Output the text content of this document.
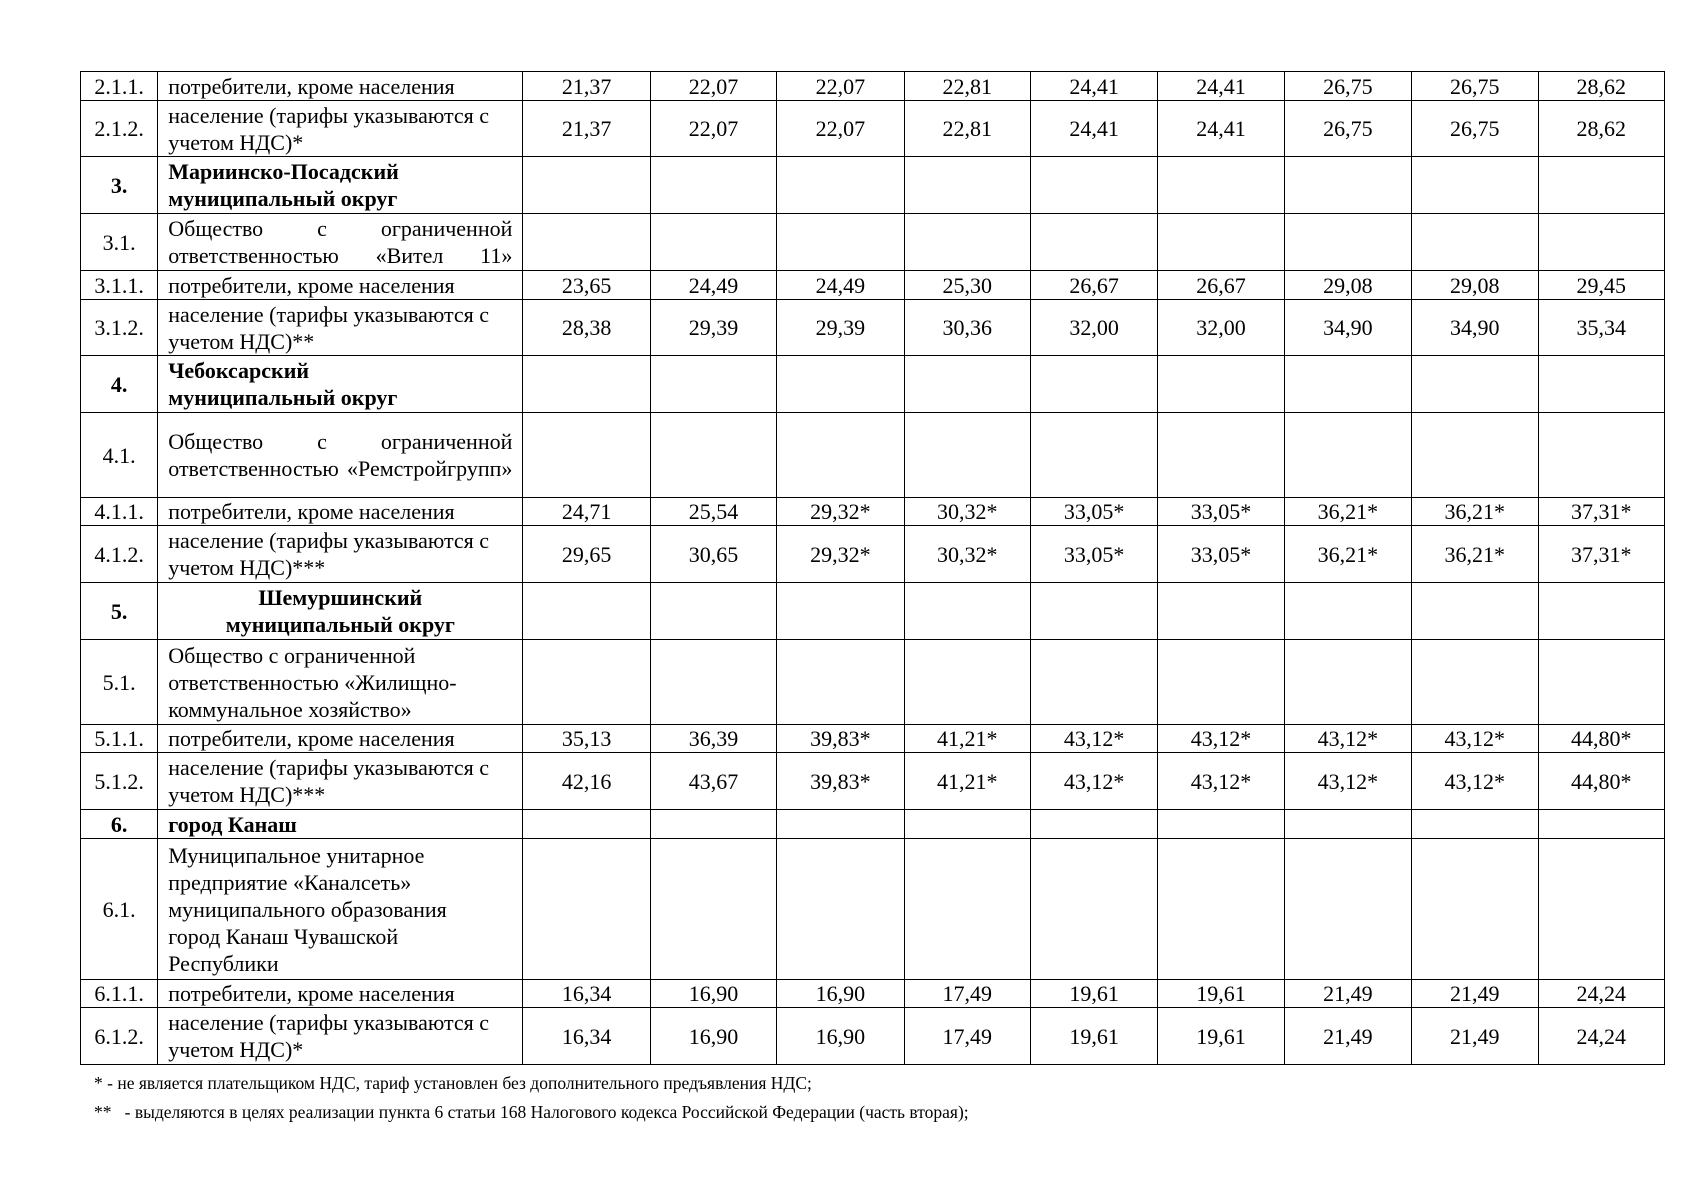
2.1.1.	потребители, кроме населения	21,37	22,07	22,07	22,81	24,41	24,41	26,75	26,75	28,62
2.1.2.	население (тарифы указываются с учетом НДС)*	21,37	22,07	22,07	22,81	24,41	24,41	26,75	26,75	28,62
3.	Мариинско-Посадский муниципальный округ									
3.1.	Общество с ограниченной ответственностью «Вител 11»									
3.1.1.	потребители, кроме населения	23,65	24,49	24,49	25,30	26,67	26,67	29,08	29,08	29,45
3.1.2.	население (тарифы указываются с учетом НДС)**	28,38	29,39	29,39	30,36	32,00	32,00	34,90	34,90	35,34
4.	Чебоксарский муниципальный округ									
4.1.	Общество с ограниченной ответственностью «Ремстройгрупп»									
4.1.1.	потребители, кроме населения	24,71	25,54	29,32*	30,32*	33,05*	33,05*	36,21*	36,21*	37,31*
4.1.2.	население (тарифы указываются с учетом НДС)***	29,65	30,65	29,32*	30,32*	33,05*	33,05*	36,21*	36,21*	37,31*
5.	Шемуршинский муниципальный округ									
5.1.	Общество с ограниченной ответственностью «Жилищно-коммунальное хозяйство»									
5.1.1.	потребители, кроме населения	35,13	36,39	39,83*	41,21*	43,12*	43,12*	43,12*	43,12*	44,80*
5.1.2.	население (тарифы указываются с учетом НДС)***	42,16	43,67	39,83*	41,21*	43,12*	43,12*	43,12*	43,12*	44,80*
6.	город Канаш									
6.1.	Муниципальное унитарное предприятие «Каналсеть» муниципального образования город Канаш Чувашской Республики									
6.1.1.	потребители, кроме населения	16,34	16,90	16,90	17,49	19,61	19,61	21,49	21,49	24,24
6.1.2.	население (тарифы указываются с учетом НДС)*	16,34	16,90	16,90	17,49	19,61	19,61	21,49	21,49	24,24
* - не является плательщиком НДС, тариф установлен без дополнительного предъявления НДС;
**   - выделяются в целях реализации пункта 6 статьи 168 Налогового кодекса Российской Федерации (часть вторая);
